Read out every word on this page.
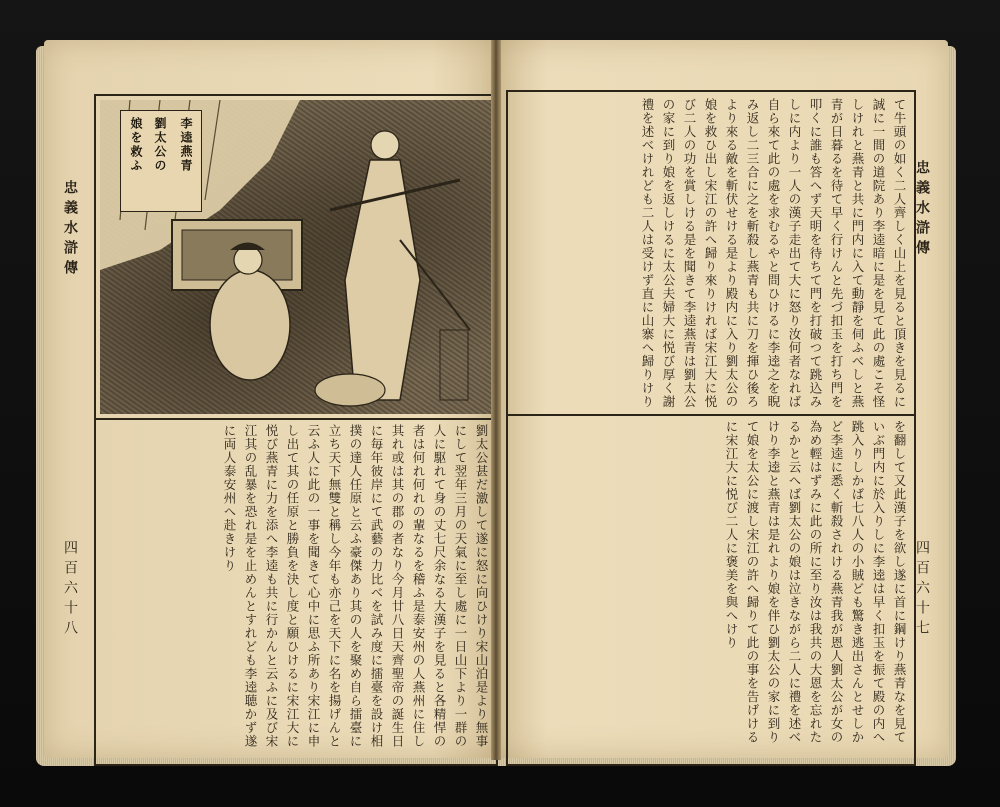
忠義水滸傳
四百六十八
李逵燕青
劉太公の
娘を救ふ
劉太公甚だ激して遂に怒に向ひけり宋山泊是より無事にして翌年三月の天氣に至し處に一日山下より一群の人に駆れて身の丈七尺余なる大漢子を見ると各精悍の者は何れ何れの輩なるを稽ふ是泰安州の人燕州に住し其れ或は其の郡の者なり今月廿八日天齊聖帝の誕生日に毎年彼岸にて武藝の力比べを試み度に擂臺を設け相撲の達人任原と云ふ豪傑あり其の人を聚め自ら擂臺に立ち天下無雙と稱し今年も亦己を天下に名を揚げんと云ふ人に此の一事を聞きて心中に思ふ所あり宋江に申し出て其の任原と勝負を決し度と願ひけるに宋江大に悦び燕青に力を添へ李逵も共に行かんと云ふに及び宋江其の乱暴を恐れ是を止めんとすれども李逵聴かず遂に両人泰安州へ赴きけり
忠義水滸傳
四百六十七
て牛頭の如く二人齊しく山上を見ると頂きを見るに誠に一間の道院あり李逵暗に是を見て此の處こそ怪しけれと燕青と共に門内に入て動靜を伺ふべしと燕青が日暮るを待て早く行けんと先づ扣玉を打ち門を叩くに誰も答へず天明を待ちて門を打破つて跳込みしに内より一人の漢子走出て大に怒り汝何者なれば自ら來て此の處を求むるやと問ひけるに李逵之を睨み返し二三合に之を斬殺し燕青も共に刀を揮ひ後ろより來る敵を斬伏せける是より殿内に入り劉太公の娘を救ひ出し宋江の許へ歸り來りければ宋江大に悦び二人の功を賞しける是を聞きて李逵燕青は劉太公の家に到り娘を返しけるに太公夫婦大に悦び厚く謝禮を述べけれども二人は受けず直に山寨へ歸りけり
を翻して又此漢子を欲し遂に首に鋼けり燕青なを見ていぶ門内に於入りしに李逵は早く扣玉を振て殿の内へ跳入りしかば七八人の小賊ども驚き逃出さんとせしかど李逵に悉く斬殺されける燕青我が恩人劉太公が女の為め輕はずみに此の所に至り汝は我共の大恩を忘れたるかと云へば劉太公の娘は泣きながら二人に禮を述べけり李逵と燕青は是れより娘を伴ひ劉太公の家に到りて娘を太公に渡し宋江の許へ歸りて此の事を告げけるに宋江大に悦び二人に褒美を與へけり
